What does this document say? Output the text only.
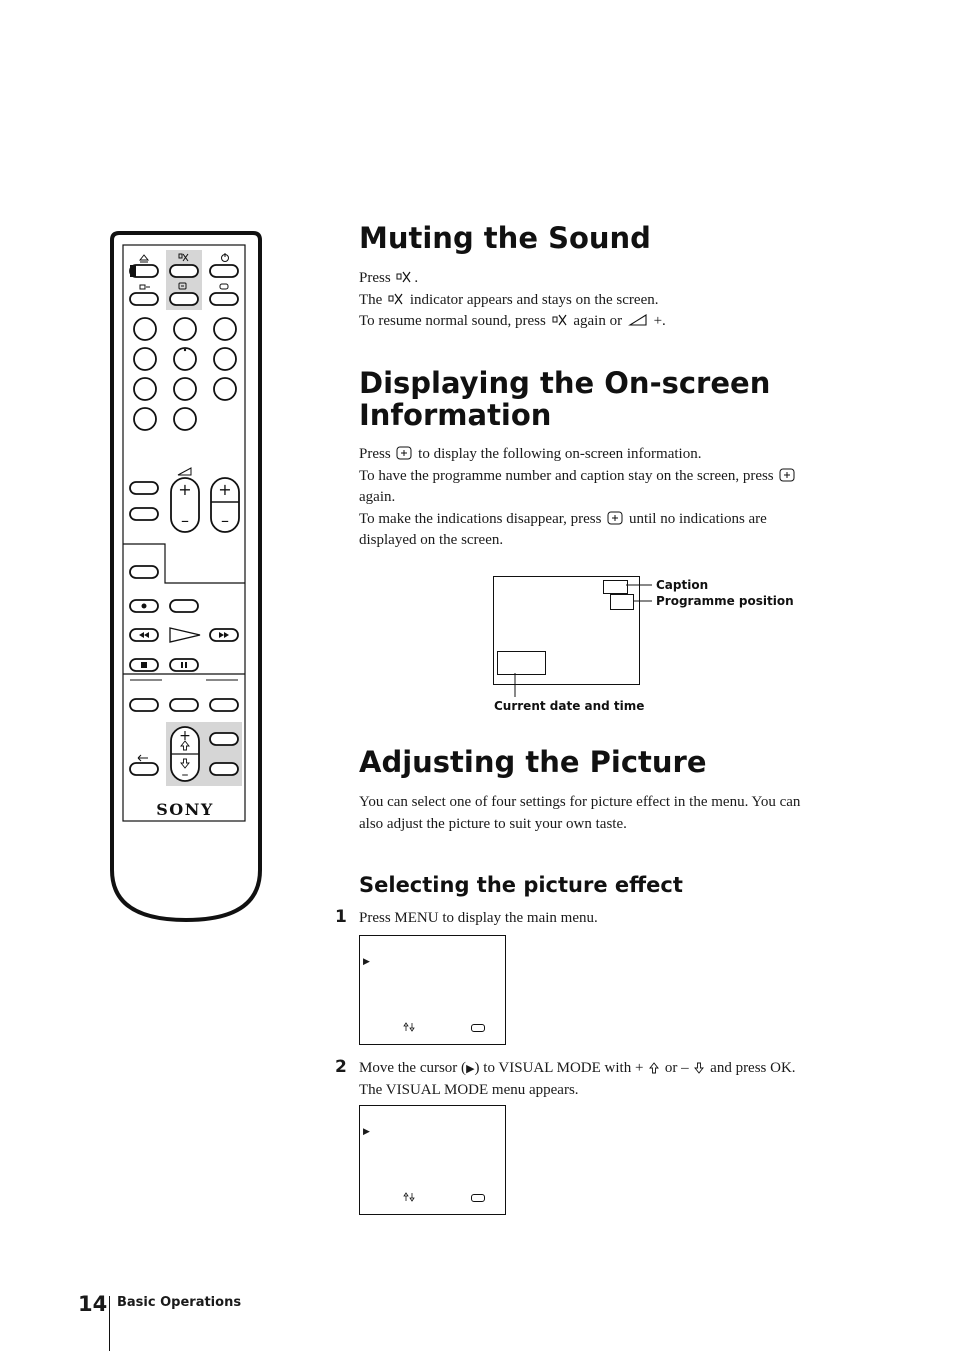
+
–
+
–
+
–
SONY
Muting the Sound
Press .
The  indicator appears and stays on the screen.
To resume normal sound, press  again or  +.
Displaying the On-screen
Information
Press  to display the following on-screen information.
To have the programme number and caption stay on the screen, press
again.
To make the indications disappear, press  until no indications are
displayed on the screen.
Caption
Programme position
Current date and time
Adjusting the Picture
You can select one of four settings for picture effect in the menu. You can
also adjust the picture to suit your own taste.
Selecting the picture effect
1 Press MENU to display the main menu.
▶
2 Move the cursor (▶) to VISUAL MODE with +  or –  and press OK.
The VISUAL MODE menu appears.
▶
14 Basic Operations
